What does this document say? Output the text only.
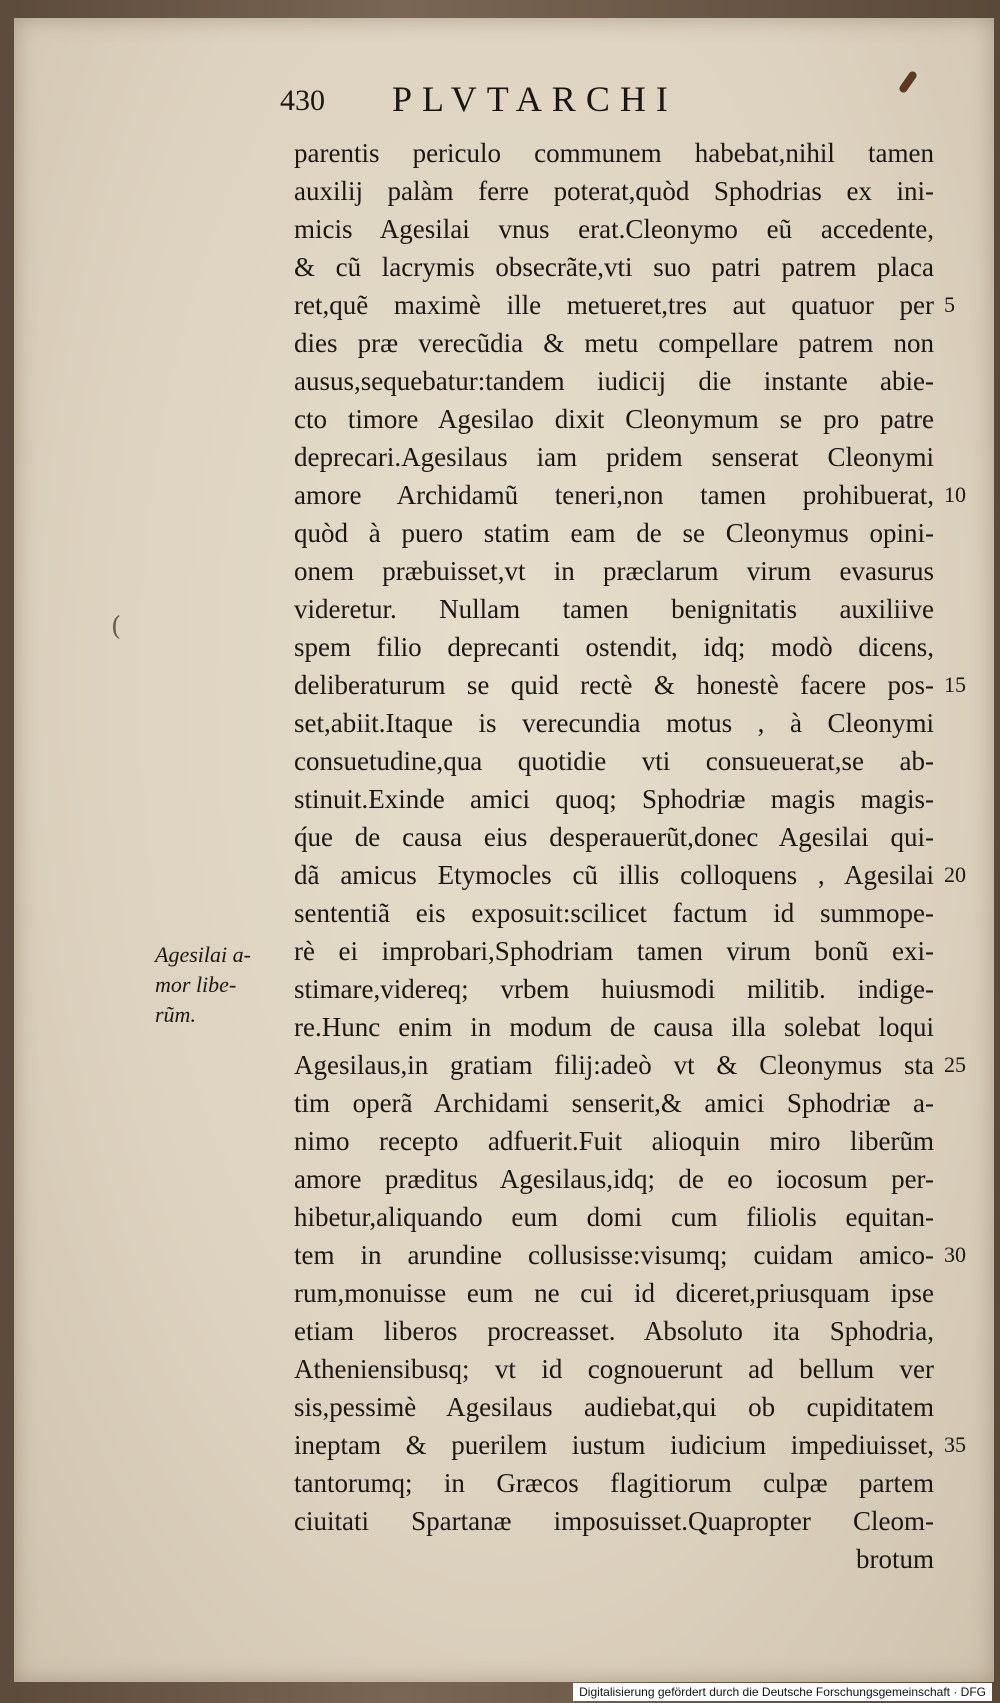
(
430 PLVTARCHI
Agesilai a-
mor libe-
rũm.
parentis periculo communem habebat,nihil tamen
auxilij palàm ferre poterat,quòd Sphodrias ex ini-
micis Agesilai vnus erat.Cleonymo eũ accedente,
& cũ lacrymis obsecrãte,vti suo patri patrem placa
ret,quẽ maximè ille metueret,tres aut quatuor per
dies præ verecũdia & metu compellare patrem non
ausus,sequebatur:tandem iudicij die instante abie-
cto timore Agesilao dixit Cleonymum se pro patre
deprecari.Agesilaus iam pridem senserat Cleonymi
amore Archidamũ teneri,non tamen prohibuerat,
quòd à puero statim eam de se Cleonymus opini-
onem præbuisset,vt in præclarum virum evasurus
videretur. Nullam tamen benignitatis auxiliive
spem filio deprecanti ostendit, idq; modò dicens,
deliberaturum se quid rectè & honestè facere pos-
set,abiit.Itaque is verecundia motus , à Cleonymi
consuetudine,qua quotidie vti consueuerat,se ab-
stinuit.Exinde amici quoq; Sphodriæ magis magis-
q́ue de causa eius desperauerũt,donec Agesilai qui-
dã amicus Etymocles cũ illis colloquens , Agesilai
sententiã eis exposuit:scilicet factum id summope-
rè ei improbari,Sphodriam tamen virum bonũ exi-
stimare,videreq; vrbem huiusmodi militib. indige-
re.Hunc enim in modum de causa illa solebat loqui
Agesilaus,in gratiam filij:adeò vt & Cleonymus sta
tim operã Archidami senserit,& amici Sphodriæ a-
nimo recepto adfuerit.Fuit alioquin miro liberũm
amore præditus Agesilaus,idq; de eo iocosum per-
hibetur,aliquando eum domi cum filiolis equitan-
tem in arundine collusisse:visumq; cuidam amico-
rum,monuisse eum ne cui id diceret,priusquam ipse
etiam liberos procreasset. Absoluto ita Sphodria,
Atheniensibusq; vt id cognouerunt ad bellum ver
sis,pessimè Agesilaus audiebat,qui ob cupiditatem
ineptam & puerilem iustum iudicium impediuisset,
tantorumq; in Græcos flagitiorum culpæ partem
ciuitati Spartanæ imposuisset.Quapropter Cleom-
brotum
5
10
15
20
25
30
35
Digitalisierung gefördert durch die Deutsche Forschungsgemeinschaft · DFG
